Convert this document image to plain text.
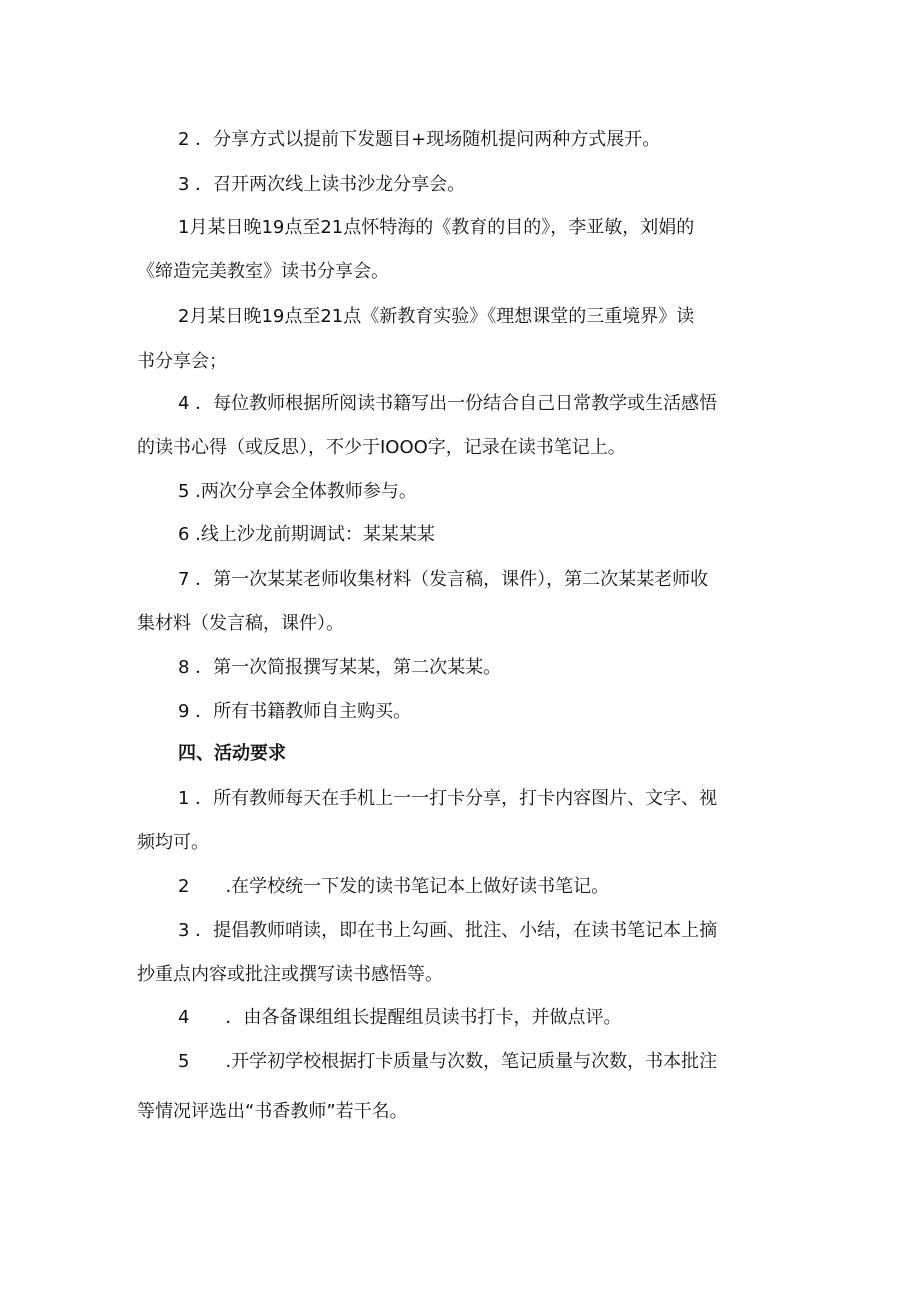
2 ．分享方式以提前下发题目+现场随机提问两种方式展开。
3 ．召开两次线上读书沙龙分享会。
1月某日晚19点至21点怀特海的《教育的目的》，李亚敏，刘娟的
《缔造完美教室》读书分享会。
2月某日晚19点至21点《新教育实验》《理想课堂的三重境界》读
书分享会；
4 ．每位教师根据所阅读书籍写出一份结合自己日常教学或生活感悟
的读书心得（或反思），不少于IOOO字，记录在读书笔记上。
5 .两次分享会全体教师参与。
6 .线上沙龙前期调试：某某某某
7 ．第一次某某老师收集材料（发言稿，课件），第二次某某老师收
集材料（发言稿，课件）。
8 ．第一次简报撰写某某，第二次某某。
9 ．所有书籍教师自主购买。
四、活动要求
1 ．所有教师每天在手机上一一打卡分享，打卡内容图片、文字、视
频均可。
2　　.在学校统一下发的读书笔记本上做好读书笔记。
3 ．提倡教师哨读，即在书上勾画、批注、小结，在读书笔记本上摘
抄重点内容或批注或撰写读书感悟等。
4　　．由各备课组组长提醒组员读书打卡，并做点评。
5　　.开学初学校根据打卡质量与次数，笔记质量与次数，书本批注
等情况评选出“书香教师”若干名。
